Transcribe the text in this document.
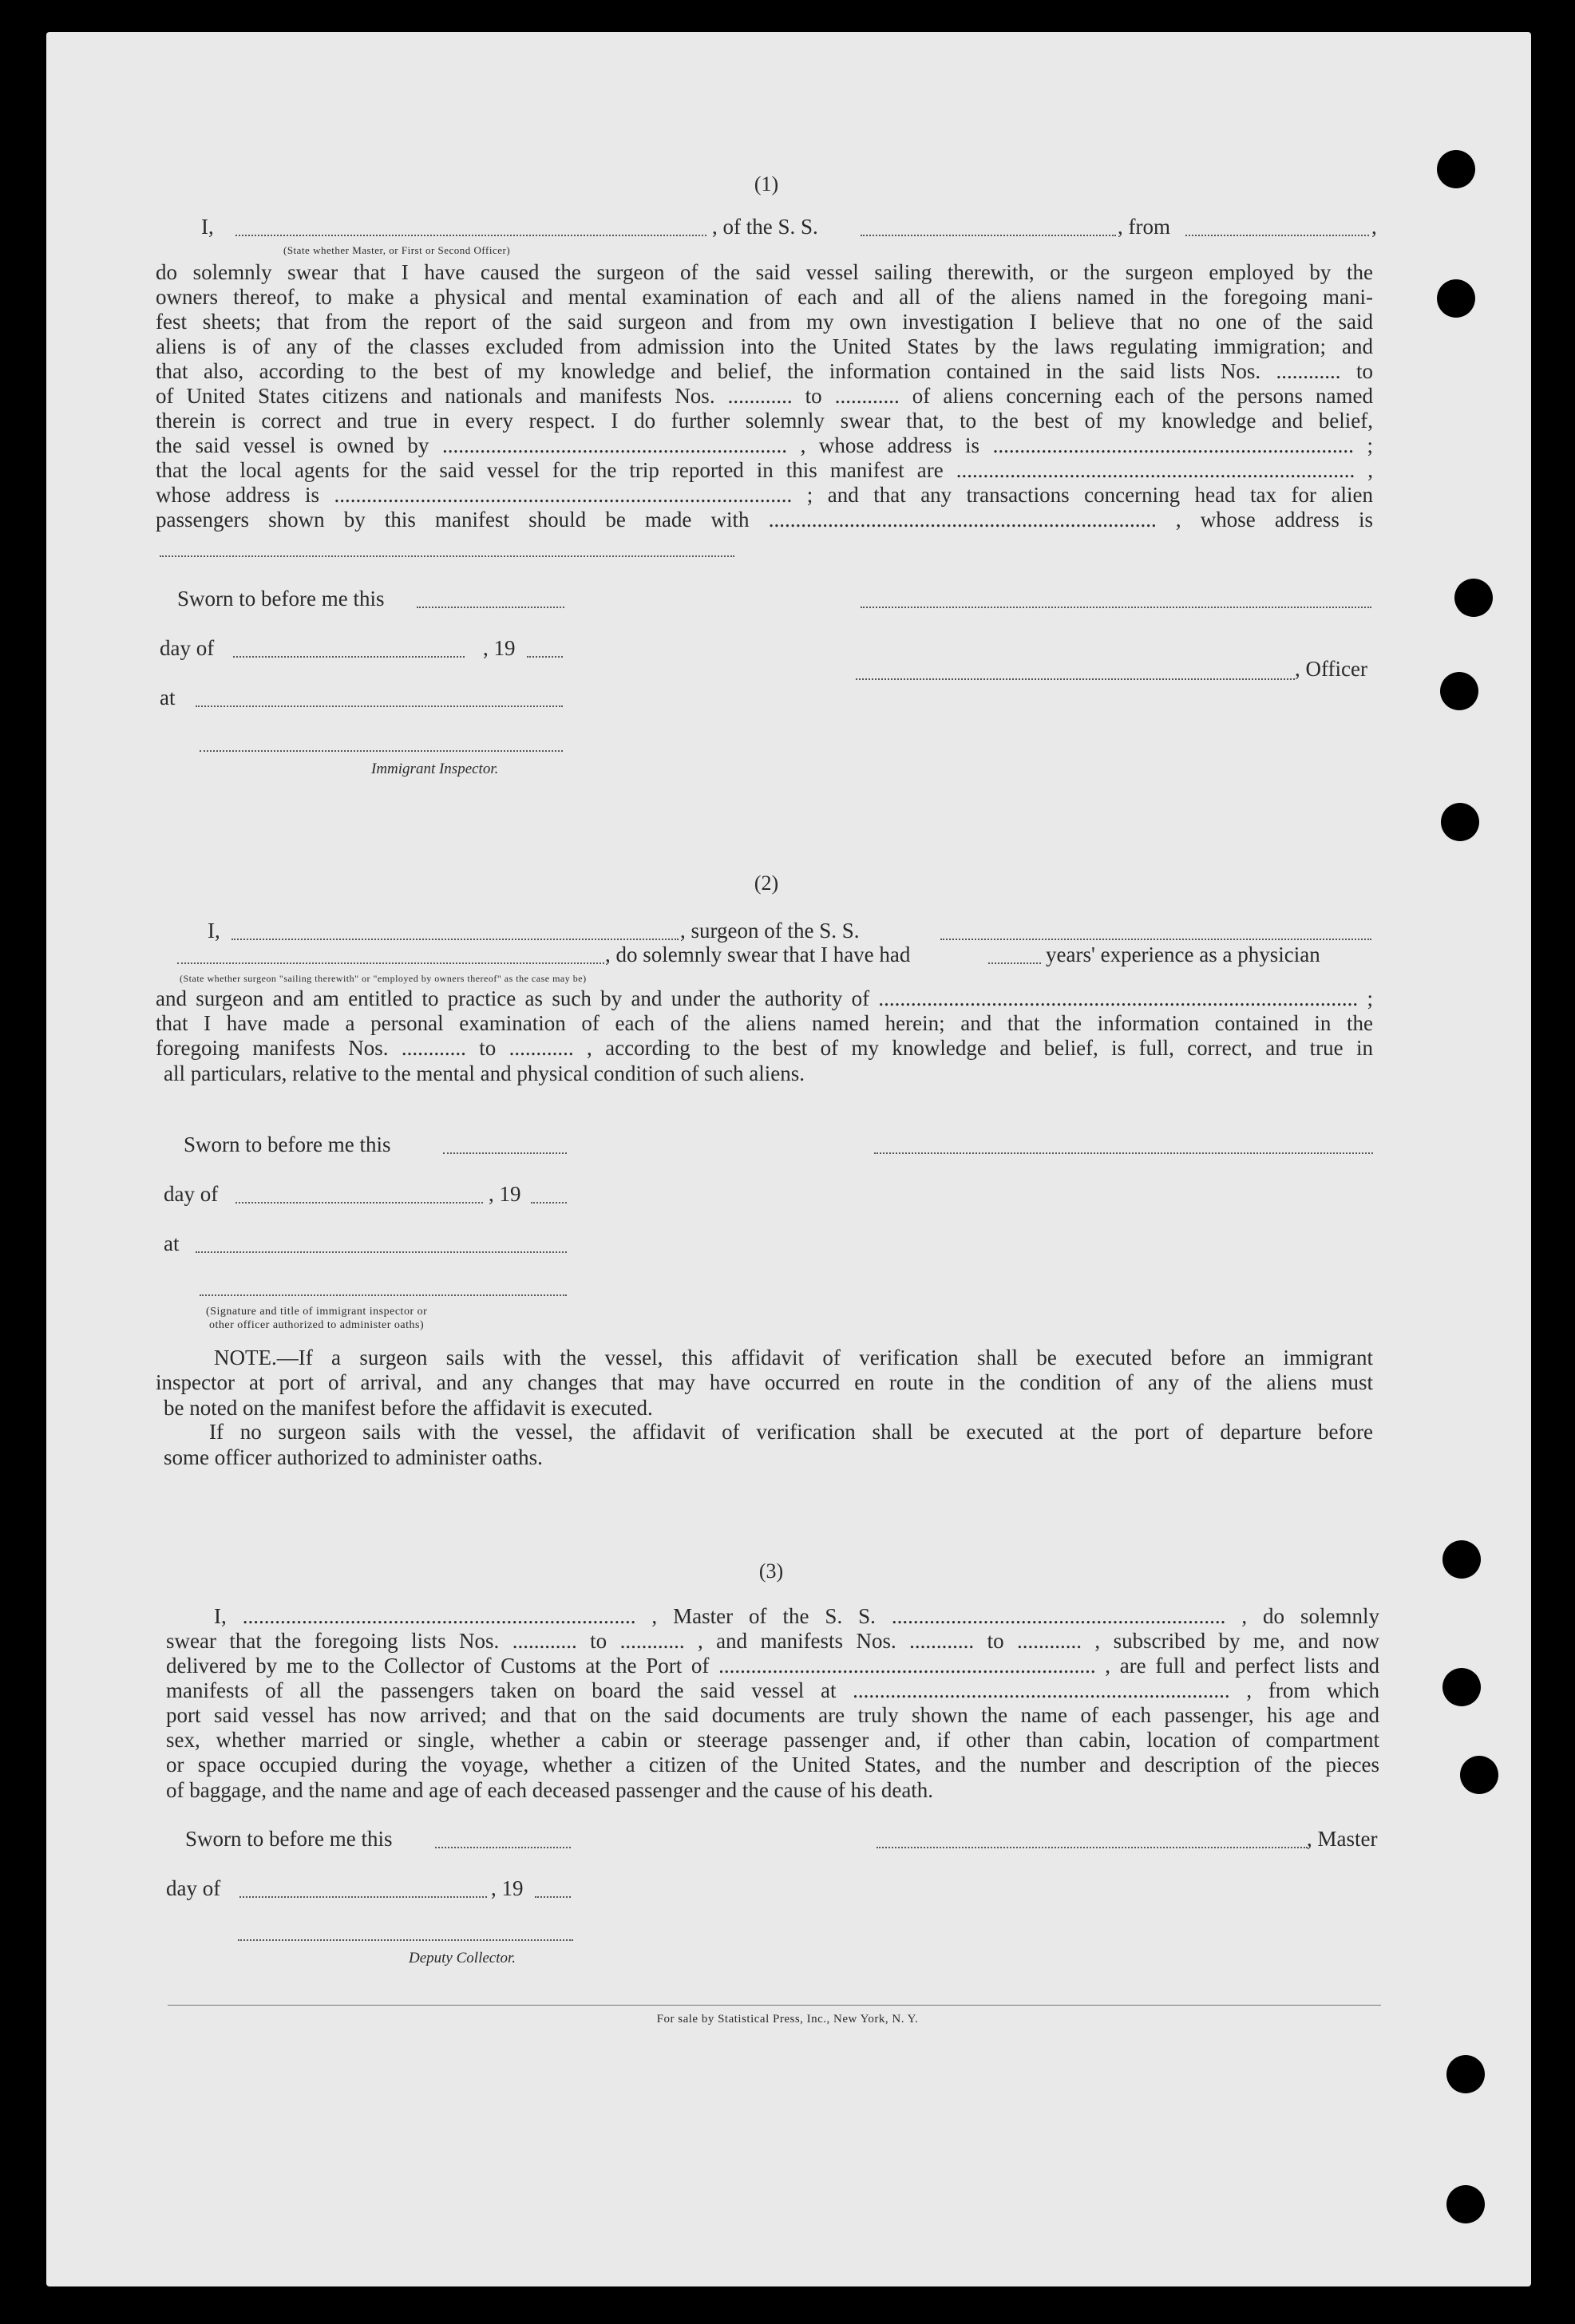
(1)
I,	, of the S. S.	, from	,
(State whether Master, or First or Second Officer)
do solemnly swear that I have caused the surgeon of the said vessel sailing therewith, or the surgeon employed by the
owners thereof, to make a physical and mental examination of each and all of the aliens named in the foregoing mani-
fest sheets; that from the report of the said surgeon and from my own investigation I believe that no one of the said
aliens is of any of the classes excluded from admission into the United States by the laws regulating immigration; and
that also, according to the best of my knowledge and belief, the information contained in the said lists Nos. ............ to
of United States citizens and nationals and manifests Nos. ............ to ............ of aliens concerning each of the persons named
therein is correct and true in every respect. I do further solemnly swear that, to the best of my knowledge and belief,
the said vessel is owned by ................................................................ , whose address is ................................................................... ;
that the local agents for the said vessel for the trip reported in this manifest are .......................................................................... ,
whose address is ..................................................................................... ; and that any transactions concerning head tax for alien
passengers shown by this manifest should be made with ........................................................................ , whose address is
Sworn to before me this
day of	, 19
, Officer
at
Immigrant Inspector.
(2)
I,	, surgeon of the S. S.
, do solemnly swear that I have had	years' experience as a physician
(State whether surgeon "sailing therewith" or "employed by owners thereof" as the case may be)
and surgeon and am entitled to practice as such by and under the authority of ......................................................................................... ;
that I have made a personal examination of each of the aliens named herein; and that the information contained in the
foregoing manifests Nos. ............ to ............ , according to the best of my knowledge and belief, is full, correct, and true in
all particulars, relative to the mental and physical condition of such aliens.
Sworn to before me this
day of	, 19
at
(Signature and title of immigrant inspector or
other officer authorized to administer oaths)
NOTE.—If a surgeon sails with the vessel, this affidavit of verification shall be executed before an immigrant
inspector at port of arrival, and any changes that may have occurred en route in the condition of any of the aliens must
be noted on the manifest before the affidavit is executed.
If no surgeon sails with the vessel, the affidavit of verification shall be executed at the port of departure before
some officer authorized to administer oaths.
(3)
I, ......................................................................... , Master of the S. S. .............................................................. , do solemnly
swear that the foregoing lists Nos. ............ to ............ , and manifests Nos. ............ to ............ , subscribed by me, and now
delivered by me to the Collector of Customs at the Port of ...................................................................... , are full and perfect lists and
manifests of all the passengers taken on board the said vessel at ...................................................................... , from which
port said vessel has now arrived; and that on the said documents are truly shown the name of each passenger, his age and
sex, whether married or single, whether a cabin or steerage passenger and, if other than cabin, location of compartment
or space occupied during the voyage, whether a citizen of the United States, and the number and description of the pieces
of baggage, and the name and age of each deceased passenger and the cause of his death.
Sworn to before me this	, Master
day of	, 19
Deputy Collector.
For sale by Statistical Press, Inc., New York, N. Y.
